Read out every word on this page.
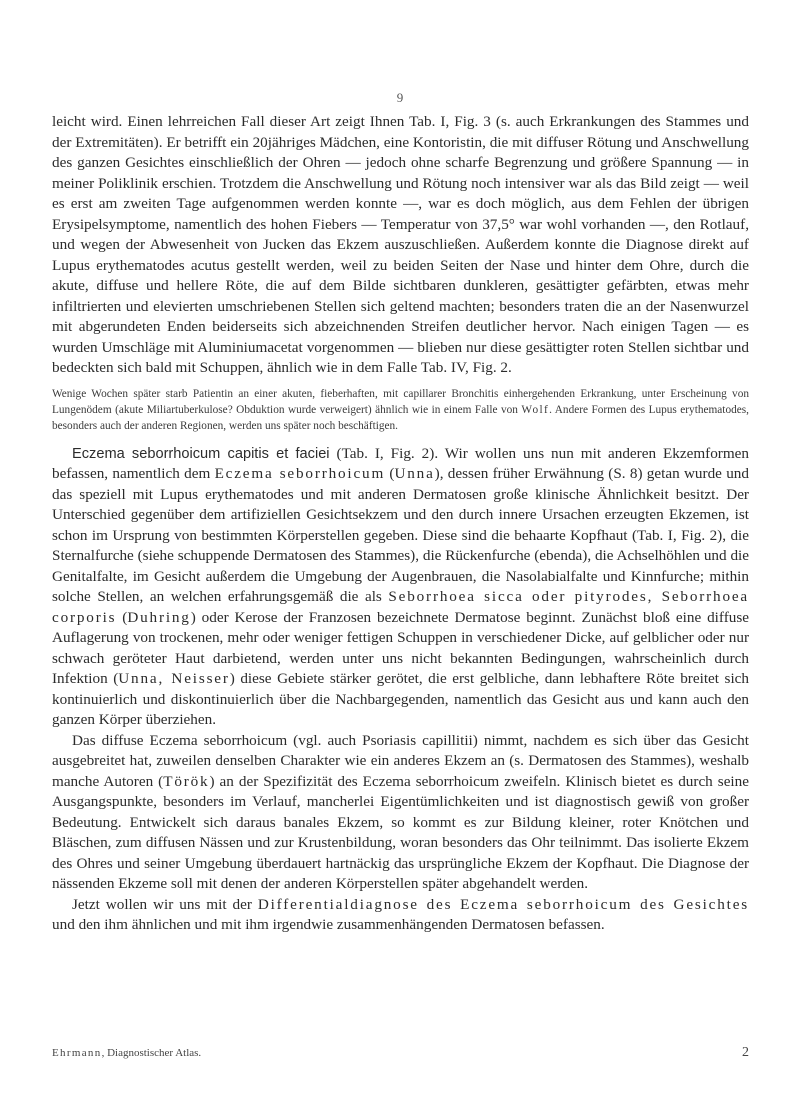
9

leicht wird. Einen lehrreichen Fall dieser Art zeigt Ihnen Tab. I, Fig. 3 (s. auch Erkrankungen des Stammes und der Extremitäten). Er betrifft ein 20jähriges Mädchen, eine Kontoristin, die mit diffuser Rötung und Anschwellung des ganzen Gesichtes einschließlich der Ohren — jedoch ohne scharfe Begrenzung und größere Spannung — in meiner Poliklinik erschien. Trotzdem die Anschwellung und Rötung noch intensiver war als das Bild zeigt — weil es erst am zweiten Tage aufgenommen werden konnte —, war es doch möglich, aus dem Fehlen der übrigen Erysipelsymptome, namentlich des hohen Fiebers — Temperatur von 37,5° war wohl vorhanden —, den Rotlauf, und wegen der Abwesenheit von Jucken das Ekzem auszuschließen. Außerdem konnte die Diagnose direkt auf Lupus erythematodes acutus gestellt werden, weil zu beiden Seiten der Nase und hinter dem Ohre, durch die akute, diffuse und hellere Röte, die auf dem Bilde sichtbaren dunkleren, gesättigter gefärbten, etwas mehr infiltrierten und elevierten umschriebenen Stellen sich geltend machten; besonders traten die an der Nasenwurzel mit abgerundeten Enden beiderseits sich abzeichnenden Streifen deutlicher hervor. Nach einigen Tagen — es wurden Umschläge mit Aluminiumacetat vorgenommen — blieben nur diese gesättigter roten Stellen sichtbar und bedeckten sich bald mit Schuppen, ähnlich wie in dem Falle Tab. IV, Fig. 2.

Wenige Wochen später starb Patientin an einer akuten, fieberhaften, mit capillarer Bronchitis einhergehenden Erkrankung, unter Erscheinung von Lungenödem (akute Miliartuberkulose? Obduktion wurde verweigert) ähnlich wie in einem Falle von Wolf. Andere Formen des Lupus erythematodes, besonders auch der anderen Regionen, werden uns später noch beschäftigen.

Eczema seborrhoicum capitis et faciei (Tab. I, Fig. 2). Wir wollen uns nun mit anderen Ekzemformen befassen, namentlich dem Eczema seborrhoicum (Unna), dessen früher Erwähnung (S. 8) getan wurde und das speziell mit Lupus erythematodes und mit anderen Dermatosen große klinische Ähnlichkeit besitzt. Der Unterschied gegenüber dem artifiziellen Gesichtsekzem und den durch innere Ursachen erzeugten Ekzemen, ist schon im Ursprung von bestimmten Körperstellen gegeben. Diese sind die behaarte Kopfhaut (Tab. I, Fig. 2), die Sternalfurche (siehe schuppende Dermatosen des Stammes), die Rückenfurche (ebenda), die Achselhöhlen und die Genitalfalte, im Gesicht außerdem die Umgebung der Augenbrauen, die Nasolabialfalte und Kinnfurche; mithin solche Stellen, an welchen erfahrungsgemäß die als Seborrhoea sicca oder pityrodes, Seborrhoea corporis (Duhring) oder Kerose der Franzosen bezeichnete Dermatose beginnt. Zunächst bloß eine diffuse Auflagerung von trockenen, mehr oder weniger fettigen Schuppen in verschiedener Dicke, auf gelblicher oder nur schwach geröteter Haut darbietend, werden unter uns nicht bekannten Bedingungen, wahrscheinlich durch Infektion (Unna, Neisser) diese Gebiete stärker gerötet, die erst gelbliche, dann lebhaftere Röte breitet sich kontinuierlich und diskontinuierlich über die Nachbargegenden, namentlich das Gesicht aus und kann auch den ganzen Körper überziehen.

Das diffuse Eczema seborrhoicum (vgl. auch Psoriasis capillitii) nimmt, nachdem es sich über das Gesicht ausgebreitet hat, zuweilen denselben Charakter wie ein anderes Ekzem an (s. Dermatosen des Stammes), weshalb manche Autoren (Török) an der Spezifizität des Eczema seborrhoicum zweifeln. Klinisch bietet es durch seine Ausgangspunkte, besonders im Verlauf, mancherlei Eigentümlichkeiten und ist diagnostisch gewiß von großer Bedeutung. Entwickelt sich daraus banales Ekzem, so kommt es zur Bildung kleiner, roter Knötchen und Bläschen, zum diffusen Nässen und zur Krustenbildung, woran besonders das Ohr teilnimmt. Das isolierte Ekzem des Ohres und seiner Umgebung überdauert hartnäckig das ursprüngliche Ekzem der Kopfhaut. Die Diagnose der nässenden Ekzeme soll mit denen der anderen Körperstellen später abgehandelt werden.

Jetzt wollen wir uns mit der Differentialdiagnose des Eczema seborrhoicum des Gesichtes und den ihm ähnlichen und mit ihm irgendwie zusammenhängenden Dermatosen befassen.

Ehrmann, Diagnostischer Atlas.	2
